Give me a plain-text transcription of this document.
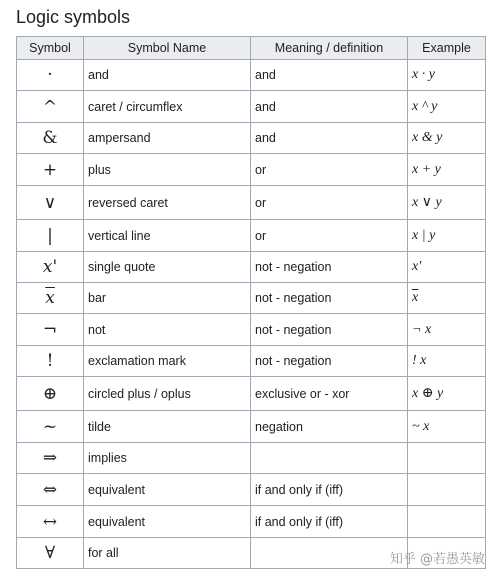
Logic symbols
Symbol	Symbol Name	Meaning / definition	Example
·	and	and	x · y
^	caret / circumflex	and	x ^ y
&	ampersand	and	x & y
+	plus	or	x + y
∨	reversed caret	or	x ∨ y
|	vertical line	or	x | y
x'	single quote	not - negation	x'
$\overline{x}$	bar	not - negation	$\overline{x}$
¬	not	not - negation	¬ x
!	exclamation mark	not - negation	! x
⊕	circled plus / oplus	exclusive or - xor	x ⊕ y
~	tilde	negation	~ x
⇒	implies		
⇔	equivalent	if and only if (iff)	
↔	equivalent	if and only if (iff)	
∀	for all			知乎 @若愚英敏
